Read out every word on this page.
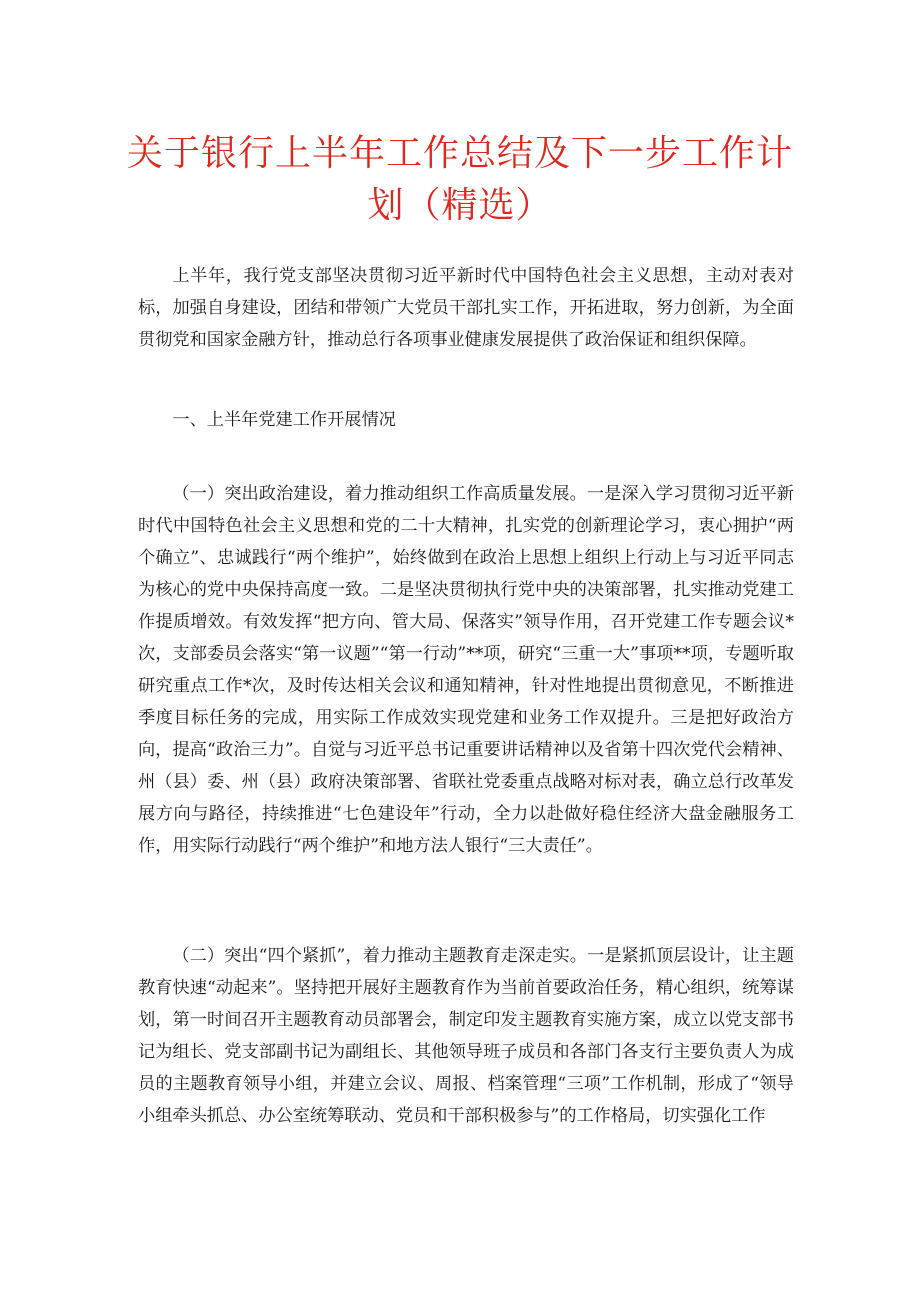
关于银行上半年工作总结及下一步工作计
划（精选）

上半年，我行党支部坚决贯彻习近平新时代中国特色社会主义思想，主动对表对标，加强自身建设，团结和带领广大党员干部扎实工作，开拓进取，努力创新，为全面贯彻党和国家金融方针，推动总行各项事业健康发展提供了政治保证和组织保障。

一、上半年党建工作开展情况

（一）突出政治建设，着力推动组织工作高质量发展。一是深入学习贯彻习近平新时代中国特色社会主义思想和党的二十大精神，扎实党的创新理论学习，衷心拥护“两个确立”、忠诚践行“两个维护”，始终做到在政治上思想上组织上行动上与习近平同志为核心的党中央保持高度一致。二是坚决贯彻执行党中央的决策部署，扎实推动党建工作提质增效。有效发挥“把方向、管大局、保落实”领导作用，召开党建工作专题会议*次，支部委员会落实“第一议题”“第一行动”**项，研究“三重一大”事项**项，专题听取研究重点工作*次，及时传达相关会议和通知精神，针对性地提出贯彻意见，不断推进季度目标任务的完成，用实际工作成效实现党建和业务工作双提升。三是把好政治方向，提高“政治三力”。自觉与习近平总书记重要讲话精神以及省第十四次党代会精神、州（县）委、州（县）政府决策部署、省联社党委重点战略对标对表，确立总行改革发展方向与路径，持续推进“七色建设年”行动，全力以赴做好稳住经济大盘金融服务工作，用实际行动践行“两个维护”和地方法人银行“三大责任”。

（二）突出“四个紧抓”，着力推动主题教育走深走实。一是紧抓顶层设计，让主题教育快速“动起来”。坚持把开展好主题教育作为当前首要政治任务，精心组织，统筹谋划，第一时间召开主题教育动员部署会，制定印发主题教育实施方案，成立以党支部书记为组长、党支部副书记为副组长、其他领导班子成员和各部门各支行主要负责人为成员的主题教育领导小组，并建立会议、周报、档案管理“三项”工作机制，形成了“领导小组牵头抓总、办公室统筹联动、党员和干部积极参与”的工作格局，切实强化工作
